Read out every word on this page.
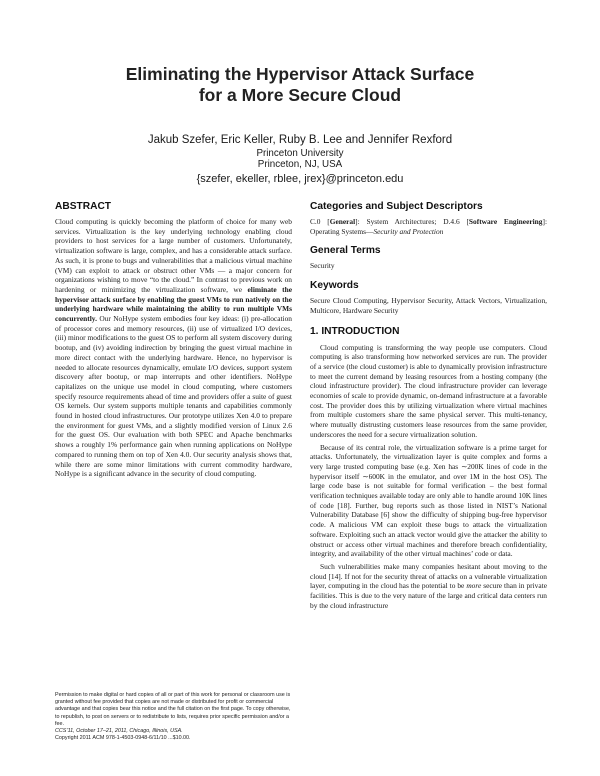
Eliminating the Hypervisor Attack Surface
for a More Secure Cloud
Jakub Szefer, Eric Keller, Ruby B. Lee and Jennifer Rexford
Princeton University
Princeton, NJ, USA
{szefer, ekeller, rblee, jrex}@princeton.edu
ABSTRACT

Cloud computing is quickly becoming the platform of choice for many web services. Virtualization is the key underlying technology enabling cloud providers to host services for a large number of customers. Unfortunately, virtualization software is large, complex, and has a considerable attack surface. As such, it is prone to bugs and vulnerabilities that a malicious virtual machine (VM) can exploit to attack or obstruct other VMs — a major concern for organizations wishing to move “to the cloud.” In contrast to previous work on hardening or minimizing the virtualization software, we eliminate the hypervisor attack surface by enabling the guest VMs to run natively on the underlying hardware while maintaining the ability to run multiple VMs concurrently. Our NoHype system embodies four key ideas: (i) pre-allocation of processor cores and memory resources, (ii) use of virtualized I/O devices, (iii) minor modifications to the guest OS to perform all system discovery during bootup, and (iv) avoiding indirection by bringing the guest virtual machine in more direct contact with the underlying hardware. Hence, no hypervisor is needed to allocate resources dynamically, emulate I/O devices, support system discovery after bootup, or map interrupts and other identifiers. NoHype capitalizes on the unique use model in cloud computing, where customers specify resource requirements ahead of time and providers offer a suite of guest OS kernels. Our system supports multiple tenants and capabilities commonly found in hosted cloud infrastructures. Our prototype utilizes Xen 4.0 to prepare the environment for guest VMs, and a slightly modified version of Linux 2.6 for the guest OS. Our evaluation with both SPEC and Apache benchmarks shows a roughly 1% performance gain when running applications on NoHype compared to running them on top of Xen 4.0. Our security analysis shows that, while there are some minor limitations with current commodity hardware, NoHype is a significant advance in the security of cloud computing.

Permission to make digital or hard copies of all or part of this work for personal or classroom use is granted without fee provided that copies are not made or distributed for profit or commercial advantage and that copies bear this notice and the full citation on the first page. To copy otherwise, to republish, to post on servers or to redistribute to lists, requires prior specific permission and/or a fee.

CCS’11, October 17–21, 2011, Chicago, Illinois, USA.

Copyright 2011 ACM 978-1-4503-0948-6/11/10 ...$10.00.

Categories and Subject Descriptors

C.0 [General]: System Architectures; D.4.6 [Software Engineering]: Operating Systems—Security and Protection

General Terms

Security

Keywords

Secure Cloud Computing, Hypervisor Security, Attack Vectors, Virtualization, Multicore, Hardware Security

1. INTRODUCTION

Cloud computing is transforming the way people use computers. Cloud computing is also transforming how networked services are run. The provider of a service (the cloud customer) is able to dynamically provision infrastructure to meet the current demand by leasing resources from a hosting company (the cloud infrastructure provider). The cloud infrastructure provider can leverage economies of scale to provide dynamic, on-demand infrastructure at a favorable cost. The provider does this by utilizing virtualization where virtual machines from multiple customers share the same physical server. This multi-tenancy, where mutually distrusting customers lease resources from the same provider, underscores the need for a secure virtualization solution.

Because of its central role, the virtualization software is a prime target for attacks. Unfortunately, the virtualization layer is quite complex and forms a very large trusted computing base (e.g. Xen has ∼200K lines of code in the hypervisor itself ∼600K in the emulator, and over 1M in the host OS). The large code base is not suitable for formal verification – the best formal verification techniques available today are only able to handle around 10K lines of code [18]. Further, bug reports such as those listed in NIST’s National Vulnerability Database [6] show the difficulty of shipping bug-free hypervisor code. A malicious VM can exploit these bugs to attack the virtualization software. Exploiting such an attack vector would give the attacker the ability to obstruct or access other virtual machines and therefore breach confidentiality, integrity, and availability of the other virtual machines’ code or data.

Such vulnerabilities make many companies hesitant about moving to the cloud [14]. If not for the security threat of attacks on a vulnerable virtualization layer, computing in the cloud has the potential to be more secure than in private facilities. This is due to the very nature of the large and critical data centers run by the cloud infrastructure
